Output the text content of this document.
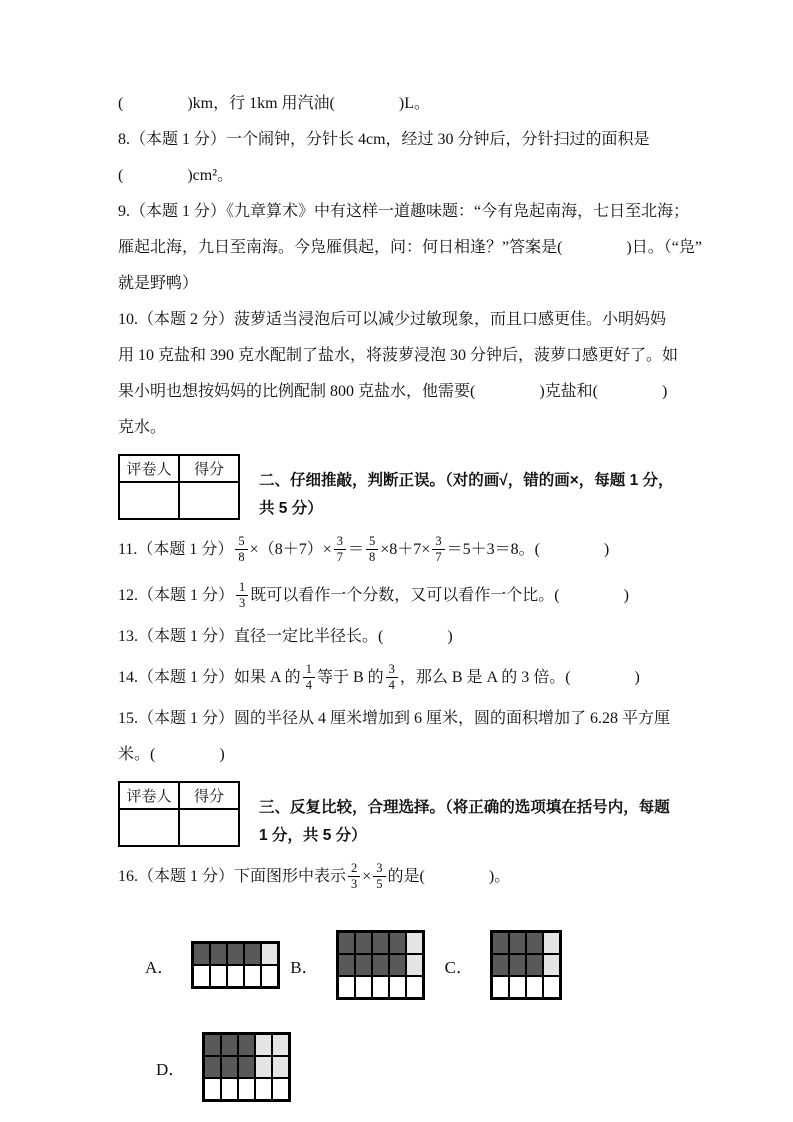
(　　　　)km，行 1km 用汽油(　　　　)L。
8.（本题 1 分）一个闹钟，分针长 4cm，经过 30 分钟后，分针扫过的面积是
(　　　　)cm²。
9.（本题 1 分）《九章算术》中有这样一道趣味题：“今有凫起南海，七日至北海；
雁起北海，九日至南海。今凫雁俱起，问：何日相逢？”答案是(　　　　)日。（“凫”
就是野鸭）
10.（本题 2 分）菠萝适当浸泡后可以减少过敏现象，而且口感更佳。小明妈妈
用 10 克盐和 390 克水配制了盐水，将菠萝浸泡 30 分钟后，菠萝口感更好了。如
果小明也想按妈妈的比例配制 800 克盐水，他需要(　　　　)克盐和(　　　　)
克水。
评卷人	得分

二、仔细推敲，判断正误。（对的画√，错的画×，每题 1 分，
共 5 分）
11.（本题 1 分） $\frac{5}{8} \times(8+7)\times \frac{3}{7} = \frac{5}{8} \times 8+7\times \frac{3}{7} =5+3=8$。(　　　　)
12.（本题 1 分） $\frac{1}{3}$ 既可以看作一个分数，又可以看作一个比。(　　　　)
13.（本题 1 分）直径一定比半径长。(　　　　)
14.（本题 1 分）如果 A 的 $\frac{1}{4}$ 等于 B 的 $\frac{3}{4}$ ，那么 B 是 A 的 3 倍。(　　　　)
15.（本题 1 分）圆的半径从 4 厘米增加到 6 厘米，圆的面积增加了 6.28 平方厘
米。(　　　　)
评卷人	得分

三、反复比较，合理选择。（将正确的选项填在括号内，每题
1 分，共 5 分）
16.（本题 1 分）下面图形中表示 $\frac{2}{3} \times \frac{3}{5}$ 的是(　　　　)。
A．	B．	C．
D．
